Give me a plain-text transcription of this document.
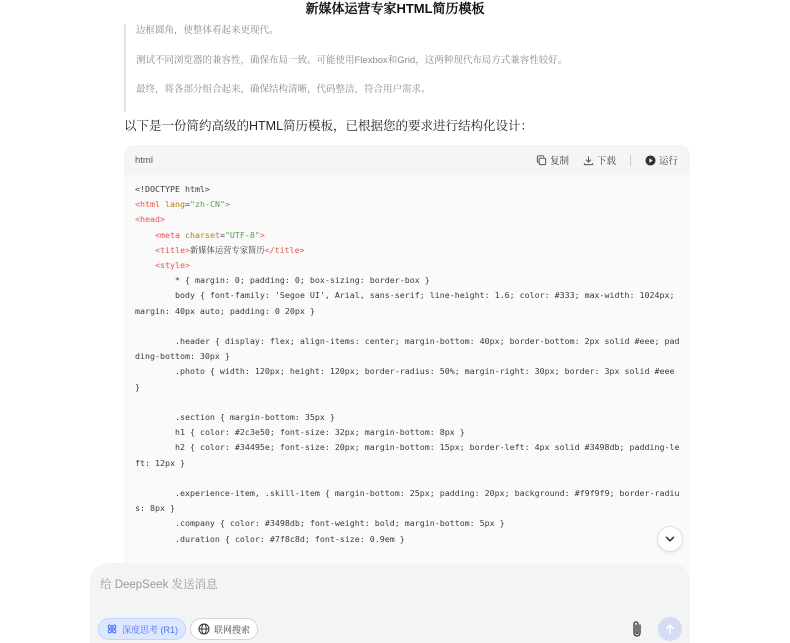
新媒体运营专家HTML简历模板

边框圆角，使整体看起来更现代。

测试不同浏览器的兼容性，确保布局一致。可能使用Flexbox和Grid，这两种现代布局方式兼容性较好。

最终，将各部分组合起来，确保结构清晰，代码整洁，符合用户需求。

以下是一份简约高级的HTML简历模板，已根据您的要求进行结构化设计：
html	复制	下载	运行
<!DOCTYPE html>
<html lang="zh-CN">
<head>
<meta charset="UTF-8">
<title>新媒体运营专家简历</title>
<style>
* { margin: 0; padding: 0; box-sizing: border-box }
body { font-family: 'Segoe UI', Arial, sans-serif; line-height: 1.6; color: #333; max-width: 1024px; margin: 40px auto; padding: 0 20px }

.header { display: flex; align-items: center; margin-bottom: 40px; border-bottom: 2px solid #eee; padding-bottom: 30px }
.photo { width: 120px; height: 120px; border-radius: 50%; margin-right: 30px; border: 3px solid #eee }

.section { margin-bottom: 35px }
h1 { color: #2c3e50; font-size: 32px; margin-bottom: 8px }
h2 { color: #34495e; font-size: 20px; margin-bottom: 15px; border-left: 4px solid #3498db; padding-left: 12px }

.experience-item, .skill-item { margin-bottom: 25px; padding: 20px; background: #f9f9f9; border-radius: 8px }
.company { color: #3498db; font-weight: bold; margin-bottom: 5px }
.duration { color: #7f8c8d; font-size: 0.9em }

给 DeepSeek 发送消息
深度思考 (R1)	联网搜索
